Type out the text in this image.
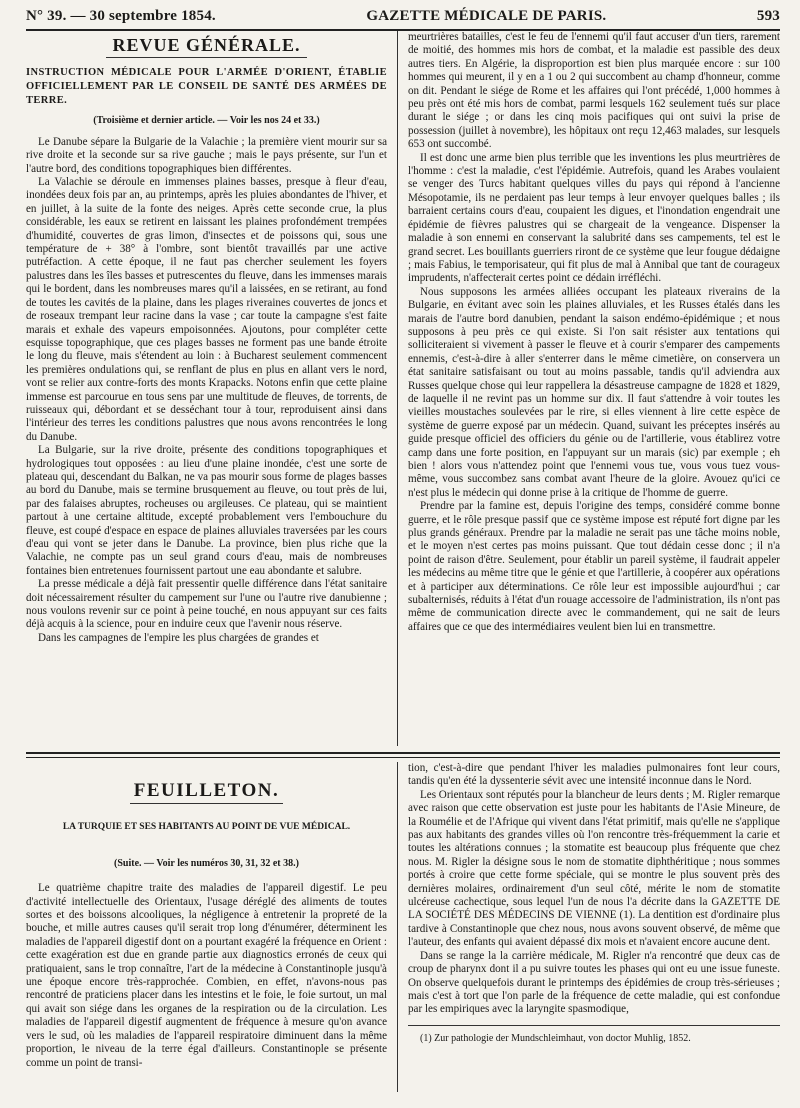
N° 39. — 30 septembre 1854.	GAZETTE MÉDICALE DE PARIS.	593
REVUE GÉNÉRALE.
INSTRUCTION MÉDICALE POUR L'ARMÉE D'ORIENT, ÉTABLIE OFFICIELLEMENT PAR LE CONSEIL DE SANTÉ DES ARMÉES DE TERRE.
(Troisième et dernier article. — Voir les nos 24 et 33.)

Le Danube sépare la Bulgarie de la Valachie ; la première vient mourir sur sa rive droite et la seconde sur sa rive gauche ; mais le pays présente, sur l'un et l'autre bord, des conditions topographiques bien différentes.

La Valachie se déroule en immenses plaines basses, presque à fleur d'eau, inondées deux fois par an, au printemps, après les pluies abondantes de l'hiver, et en juillet, à la suite de la fonte des neiges. Après cette seconde crue, la plus considérable, les eaux se retirent en laissant les plaines profondément trempées d'humidité, couvertes de gras limon, d'insectes et de poissons qui, sous une température de + 38° à l'ombre, sont bientôt travaillés par une active putréfaction. A cette époque, il ne faut pas chercher seulement les foyers palustres dans les îles basses et putrescentes du fleuve, dans les immenses marais qui le bordent, dans les nombreuses mares qu'il a laissées, en se retirant, au fond de toutes les cavités de la plaine, dans les plages riveraines couvertes de joncs et de roseaux trempant leur racine dans la vase ; car toute la campagne s'est faite marais et exhale des vapeurs empoisonnées. Ajoutons, pour compléter cette esquisse topographique, que ces plages basses ne forment pas une bande étroite le long du fleuve, mais s'étendent au loin : à Bucharest seulement commencent les premières ondulations qui, se renflant de plus en plus en allant vers le nord, vont se relier aux contre-forts des monts Krapacks. Notons enfin que cette plaine immense est parcourue en tous sens par une multitude de fleuves, de torrents, de ruisseaux qui, débordant et se desséchant tour à tour, reproduisent ainsi dans l'intérieur des terres les conditions palustres que nous avons rencontrées le long du Danube.

La Bulgarie, sur la rive droite, présente des conditions topographiques et hydrologiques tout opposées : au lieu d'une plaine inondée, c'est une sorte de plateau qui, descendant du Balkan, ne va pas mourir sous forme de plages basses au bord du Danube, mais se termine brusquement au fleuve, ou tout près de lui, par des falaises abruptes, rocheuses ou argileuses. Ce plateau, qui se maintient partout à une certaine altitude, excepté probablement vers l'embouchure du fleuve, est coupé d'espace en espace de plaines alluviales traversées par les cours d'eau qui vont se jeter dans le Danube. La province, bien plus riche que la Valachie, ne compte pas un seul grand cours d'eau, mais de nombreuses fontaines bien entretenues fournissent partout une eau abondante et salubre.

La presse médicale a déjà fait pressentir quelle différence dans l'état sanitaire doit nécessairement résulter du campement sur l'une ou l'autre rive danubienne ; nous voulons revenir sur ce point à peine touché, en nous appuyant sur ces faits déjà acquis à la science, pour en induire ceux que l'avenir nous réserve.

Dans les campagnes de l'empire les plus chargées de grandes et

meurtrières batailles, c'est le feu de l'ennemi qu'il faut accuser d'un tiers, rarement de moitié, des hommes mis hors de combat, et la maladie est passible des deux autres tiers. En Algérie, la disproportion est bien plus marquée encore : sur 100 hommes qui meurent, il y en a 1 ou 2 qui succombent au champ d'honneur, comme on dit. Pendant le siége de Rome et les affaires qui l'ont précédé, 1,000 hommes à peu près ont été mis hors de combat, parmi lesquels 162 seulement tués sur place durant le siége ; or dans les cinq mois pacifiques qui ont suivi la prise de possession (juillet à novembre), les hôpitaux ont reçu 12,463 malades, sur lesquels 653 ont succombé.

Il est donc une arme bien plus terrible que les inventions les plus meurtrières de l'homme : c'est la maladie, c'est l'épidémie. Autrefois, quand les Arabes voulaient se venger des Turcs habitant quelques villes du pays qui répond à l'ancienne Mésopotamie, ils ne perdaient pas leur temps à leur envoyer quelques balles ; ils barraient certains cours d'eau, coupaient les digues, et l'inondation engendrait une épidémie de fièvres palustres qui se chargeait de la vengeance. Dispenser la maladie à son ennemi en conservant la salubrité dans ses campements, tel est le grand secret. Les bouillants guerriers riront de ce système que leur fougue dédaigne ; mais Fabius, le temporisateur, qui fit plus de mal à Annibal que tant de courageux imprudents, n'affecterait certes point ce dédain irréfléchi.

Nous supposons les armées alliées occupant les plateaux riverains de la Bulgarie, en évitant avec soin les plaines alluviales, et les Russes étalés dans les marais de l'autre bord danubien, pendant la saison endémo-épidémique ; et nous supposons à peu près ce qui existe. Si l'on sait résister aux tentations qui solliciteraient si vivement à passer le fleuve et à courir s'emparer des campements ennemis, c'est-à-dire à aller s'enterrer dans le même cimetière, on conservera un état sanitaire satisfaisant ou tout au moins passable, tandis qu'il adviendra aux Russes quelque chose qui leur rappellera la désastreuse campagne de 1828 et 1829, de laquelle il ne revint pas un homme sur dix. Il faut s'attendre à voir toutes les vieilles moustaches soulevées par le rire, si elles viennent à lire cette espèce de système de guerre exposé par un médecin. Quand, suivant les préceptes insérés au guide presque officiel des officiers du génie ou de l'artillerie, vous établirez votre camp dans une forte position, en l'appuyant sur un marais (sic) par exemple ; eh bien ! alors vous n'attendez point que l'ennemi vous tue, vous vous tuez vous-même, vous succombez sans combat avant l'heure de la gloire. Avouez qu'ici ce n'est plus le médecin qui donne prise à la critique de l'homme de guerre.

Prendre par la famine est, depuis l'origine des temps, considéré comme bonne guerre, et le rôle presque passif que ce système impose est réputé fort digne par les plus grands généraux. Prendre par la maladie ne serait pas une tâche moins noble, et le moyen n'est certes pas moins puissant. Que tout dédain cesse donc ; il n'a point de raison d'être. Seulement, pour établir un pareil système, il faudrait appeler les médecins au même titre que le génie et que l'artillerie, à coopérer aux opérations et à participer aux déterminations. Ce rôle leur est impossible aujourd'hui ; car subalternisés, réduits à l'état d'un rouage accessoire de l'administration, ils n'ont pas même de communication directe avec le commandement, qui ne sait de leurs affaires que ce que des intermédiaires veulent bien lui en transmettre.

FEUILLETON.
LA TURQUIE ET SES HABITANTS AU POINT DE VUE MÉDICAL.
(Suite. — Voir les numéros 30, 31, 32 et 38.)

Le quatrième chapitre traite des maladies de l'appareil digestif. Le peu d'activité intellectuelle des Orientaux, l'usage déréglé des aliments de toutes sortes et des boissons alcooliques, la négligence à entretenir la propreté de la bouche, et mille autres causes qu'il serait trop long d'énumérer, déterminent les maladies de l'appareil digestif dont on a pourtant exagéré la fréquence en Orient : cette exagération est due en grande partie aux diagnostics erronés de ceux qui pratiquaient, sans le trop connaître, l'art de la médecine à Constantinople jusqu'à une époque encore très-rapprochée. Combien, en effet, n'avons-nous pas rencontré de praticiens placer dans les intestins et le foie, le foie surtout, un mal qui avait son siége dans les organes de la respiration ou de la circulation. Les maladies de l'appareil digestif augmentent de fréquence à mesure qu'on avance vers le sud, où les maladies de l'appareil respiratoire diminuent dans la même proportion, le niveau de la terre égal d'ailleurs. Constantinople se présente comme un point de transi-

tion, c'est-à-dire que pendant l'hiver les maladies pulmonaires font leur cours, tandis qu'en été la dyssenterie sévit avec une intensité inconnue dans le Nord.

Les Orientaux sont réputés pour la blancheur de leurs dents ; M. Rigler remarque avec raison que cette observation est juste pour les habitants de l'Asie Mineure, de la Roumélie et de l'Afrique qui vivent dans l'état primitif, mais qu'elle ne s'applique pas aux habitants des grandes villes où l'on rencontre très-fréquemment la carie et toutes les altérations connues ; la stomatite est beaucoup plus fréquente que chez nous. M. Rigler la désigne sous le nom de stomatite diphthéritique ; nous sommes portés à croire que cette forme spéciale, qui se montre le plus souvent près des dernières molaires, ordinairement d'un seul côté, mérite le nom de stomatite ulcéreuse cachectique, sous lequel l'un de nous l'a décrite dans la GAZETTE DE LA SOCIÉTÉ DES MÉDECINS DE VIENNE (1). La dentition est d'ordinaire plus tardive à Constantinople que chez nous, nous avons souvent observé, de même que l'auteur, des enfants qui avaient dépassé dix mois et n'avaient encore aucune dent.

Dans se range la la carrière médicale, M. Rigler n'a rencontré que deux cas de croup de pharynx dont il a pu suivre toutes les phases qui ont eu une issue funeste. On observe quelquefois durant le printemps des épidémies de croup très-sérieuses ; mais c'est à tort que l'on parle de la fréquence de cette maladie, qui est confondue par les empiriques avec la laryngite spasmodique,

(1) Zur pathologie der Mundschleimhaut, von doctor Muhlig, 1852.
